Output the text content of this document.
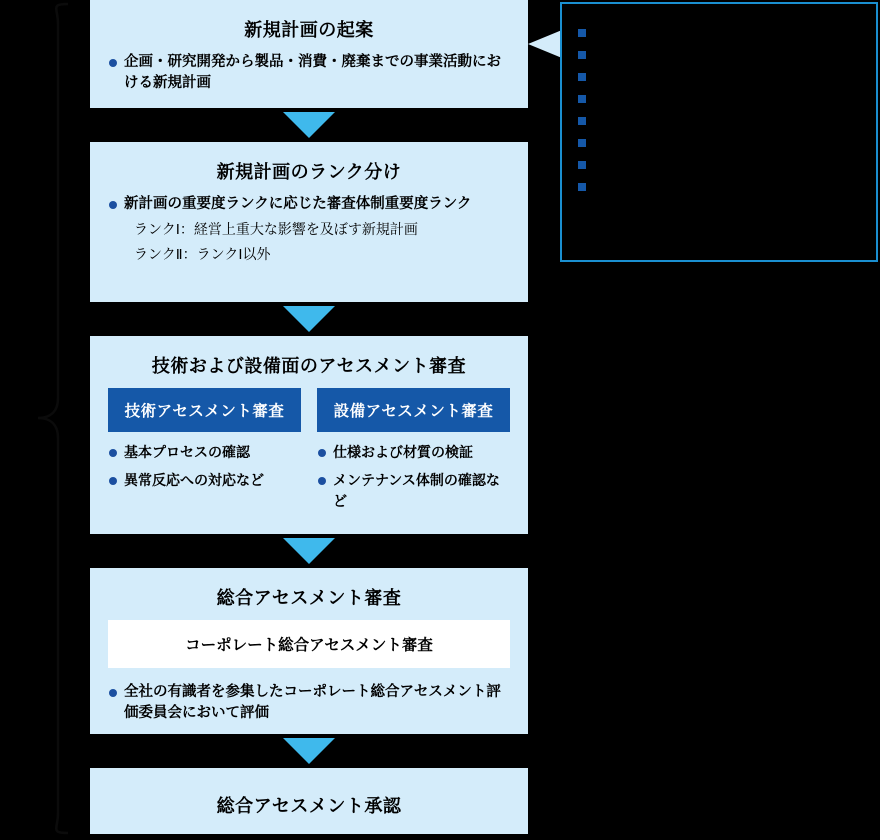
新規計画の起案
企画・研究開発から製品・消費・廃棄までの事業活動における新規計画
新規計画のランク分け
新計画の重要度ランクに応じた審査体制重要度ランク
ランクⅠ：経営上重大な影響を及ぼす新規計画
ランクⅡ：ランクⅠ以外
技術および設備面のアセスメント審査
技術アセスメント審査
基本プロセスの確認
異常反応への対応など
設備アセスメント審査
仕様および材質の検証
メンテナンス体制の確認など
総合アセスメント審査
コーポレート総合アセスメント審査
全社の有識者を参集したコーポレート総合アセスメント評価委員会において評価
総合アセスメント承認
